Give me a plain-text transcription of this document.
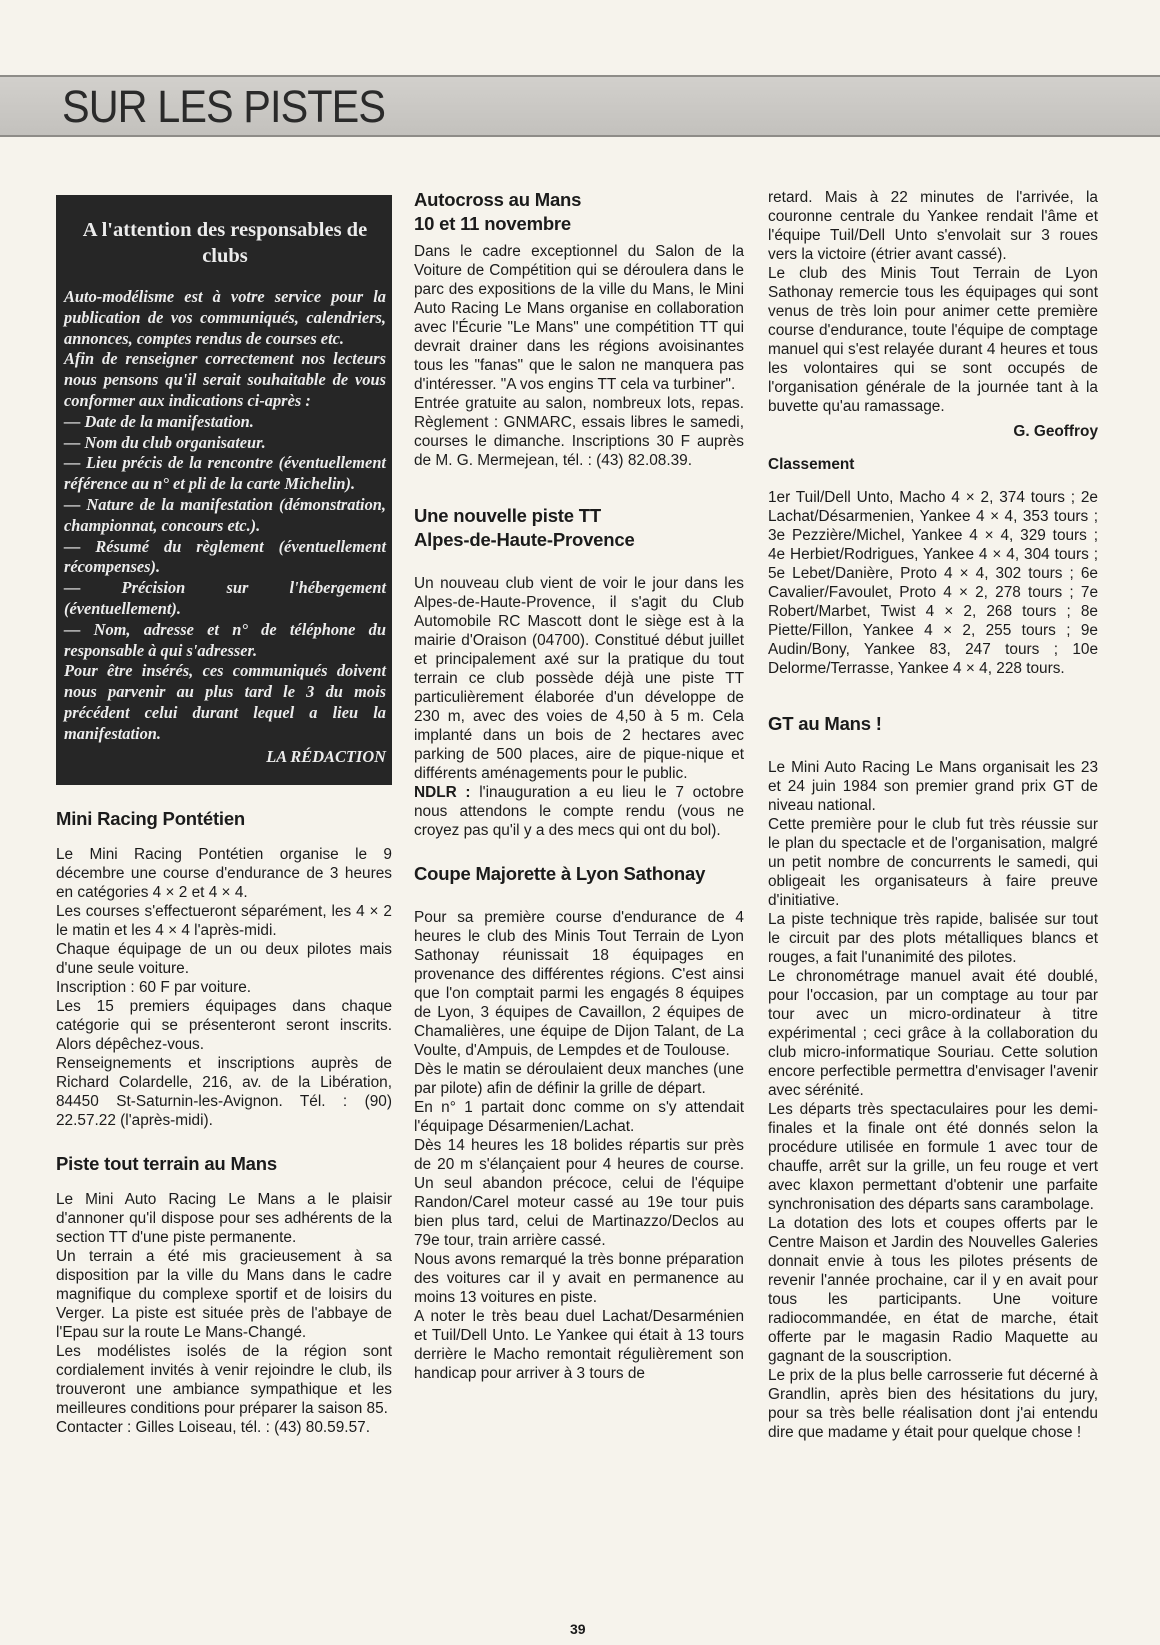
SUR LES PISTES
A l'attention des responsables de clubs

Auto-modélisme est à votre service pour la publication de vos communiqués, calendriers, annonces, comptes rendus de courses etc.

Afin de renseigner correctement nos lecteurs nous pensons qu'il serait souhaitable de vous conformer aux indications ci-après :

— Date de la manifestation.

— Nom du club organisateur.

— Lieu précis de la rencontre (éventuellement référence au n° et pli de la carte Michelin).

— Nature de la manifestation (démonstration, championnat, concours etc.).

— Résumé du règlement (éventuellement récompenses).

— Précision sur l'hébergement (éventuellement).

— Nom, adresse et n° de téléphone du responsable à qui s'adresser.

Pour être insérés, ces communiqués doivent nous parvenir au plus tard le 3 du mois précédent celui durant lequel a lieu la manifestation.

LA RÉDACTION

Mini Racing Pontétien

Le Mini Racing Pontétien organise le 9 décembre une course d'endurance de 3 heures en catégories 4 × 2 et 4 × 4.

Les courses s'effectueront séparément, les 4 × 2 le matin et les 4 × 4 l'après-midi.

Chaque équipage de un ou deux pilotes mais d'une seule voiture.

Inscription : 60 F par voiture.

Les 15 premiers équipages dans chaque catégorie qui se présenteront seront inscrits. Alors dépêchez-vous.

Renseignements et inscriptions auprès de Richard Colardelle, 216, av. de la Libération, 84450 St-Saturnin-les-Avignon. Tél. : (90) 22.57.22 (l'après-midi).

Piste tout terrain au Mans

Le Mini Auto Racing Le Mans a le plaisir d'annoner qu'il dispose pour ses adhérents de la section TT d'une piste permanente.

Un terrain a été mis gracieusement à sa disposition par la ville du Mans dans le cadre magnifique du complexe sportif et de loisirs du Verger. La piste est située près de l'abbaye de l'Epau sur la route Le Mans-Changé.

Les modélistes isolés de la région sont cordialement invités à venir rejoindre le club, ils trouveront une ambiance sympathique et les meilleures conditions pour préparer la saison 85.

Contacter : Gilles Loiseau, tél. : (43) 80.59.57.

Autocross au Mans
10 et 11 novembre

Dans le cadre exceptionnel du Salon de la Voiture de Compétition qui se déroulera dans le parc des expositions de la ville du Mans, le Mini Auto Racing Le Mans organise en collaboration avec l'Écurie "Le Mans" une compétition TT qui devrait drainer dans les régions avoisinantes tous les "fanas" que le salon ne manquera pas d'intéresser. "A vos engins TT cela va turbiner".

Entrée gratuite au salon, nombreux lots, repas. Règlement : GNMARC, essais libres le samedi, courses le dimanche. Inscriptions 30 F auprès de M. G. Mermejean, tél. : (43) 82.08.39.

Une nouvelle piste TT
Alpes-de-Haute-Provence

Un nouveau club vient de voir le jour dans les Alpes-de-Haute-Provence, il s'agit du Club Automobile RC Mascott dont le siège est à la mairie d'Oraison (04700). Constitué début juillet et principalement axé sur la pratique du tout terrain ce club possède déjà une piste TT particulièrement élaborée d'un développe de 230 m, avec des voies de 4,50 à 5 m. Cela implanté dans un bois de 2 hectares avec parking de 500 places, aire de pique-nique et différents aménagements pour le public.

NDLR : l'inauguration a eu lieu le 7 octobre nous attendons le compte rendu (vous ne croyez pas qu'il y a des mecs qui ont du bol).

Coupe Majorette à Lyon Sathonay

Pour sa première course d'endurance de 4 heures le club des Minis Tout Terrain de Lyon Sathonay réunissait 18 équipages en provenance des différentes régions. C'est ainsi que l'on comptait parmi les engagés 8 équipes de Lyon, 3 équipes de Cavaillon, 2 équipes de Chamalières, une équipe de Dijon Talant, de La Voulte, d'Ampuis, de Lempdes et de Toulouse.

Dès le matin se déroulaient deux manches (une par pilote) afin de définir la grille de départ.

En n° 1 partait donc comme on s'y attendait l'équipage Désarmenien/Lachat.

Dès 14 heures les 18 bolides répartis sur près de 20 m s'élançaient pour 4 heures de course. Un seul abandon précoce, celui de l'équipe Randon/Carel moteur cassé au 19e tour puis bien plus tard, celui de Martinazzo/Declos au 79e tour, train arrière cassé.

Nous avons remarqué la très bonne préparation des voitures car il y avait en permanence au moins 13 voitures en piste.

A noter le très beau duel Lachat/Desarménien et Tuil/Dell Unto. Le Yankee qui était à 13 tours derrière le Macho remontait régulièrement son handicap pour arriver à 3 tours de

retard. Mais à 22 minutes de l'arrivée, la couronne centrale du Yankee rendait l'âme et l'équipe Tuil/Dell Unto s'envolait sur 3 roues vers la victoire (étrier avant cassé).

Le club des Minis Tout Terrain de Lyon Sathonay remercie tous les équipages qui sont venus de très loin pour animer cette première course d'endurance, toute l'équipe de comptage manuel qui s'est relayée durant 4 heures et tous les volontaires qui se sont occupés de l'organisation générale de la journée tant à la buvette qu'au ramassage.

G. Geoffroy

Classement

1er Tuil/Dell Unto, Macho 4 × 2, 374 tours ; 2e Lachat/Désarmenien, Yankee 4 × 4, 353 tours ; 3e Pezzière/Michel, Yankee 4 × 4, 329 tours ; 4e Herbiet/Rodrigues, Yankee 4 × 4, 304 tours ; 5e Lebet/Danière, Proto 4 × 4, 302 tours ; 6e Cavalier/Favoulet, Proto 4 × 2, 278 tours ; 7e Robert/Marbet, Twist 4 × 2, 268 tours ; 8e Piette/Fillon, Yankee 4 × 2, 255 tours ; 9e Audin/Bony, Yankee 83, 247 tours ; 10e Delorme/Terrasse, Yankee 4 × 4, 228 tours.

GT au Mans !

Le Mini Auto Racing Le Mans organisait les 23 et 24 juin 1984 son premier grand prix GT de niveau national.

Cette première pour le club fut très réussie sur le plan du spectacle et de l'organisation, malgré un petit nombre de concurrents le samedi, qui obligeait les organisateurs à faire preuve d'initiative.

La piste technique très rapide, balisée sur tout le circuit par des plots métalliques blancs et rouges, a fait l'unanimité des pilotes.

Le chronométrage manuel avait été doublé, pour l'occasion, par un comptage au tour par tour avec un micro-ordinateur à titre expérimental ; ceci grâce à la collaboration du club micro-informatique Souriau. Cette solution encore perfectible permettra d'envisager l'avenir avec sérénité.

Les départs très spectaculaires pour les demi-finales et la finale ont été donnés selon la procédure utilisée en formule 1 avec tour de chauffe, arrêt sur la grille, un feu rouge et vert avec klaxon permettant d'obtenir une parfaite synchronisation des départs sans carambolage.

La dotation des lots et coupes offerts par le Centre Maison et Jardin des Nouvelles Galeries donnait envie à tous les pilotes présents de revenir l'année prochaine, car il y en avait pour tous les participants. Une voiture radiocommandée, en état de marche, était offerte par le magasin Radio Maquette au gagnant de la souscription.

Le prix de la plus belle carrosserie fut décerné à Grandlin, après bien des hésitations du jury, pour sa très belle réalisation dont j'ai entendu dire que madame y était pour quelque chose !

39
